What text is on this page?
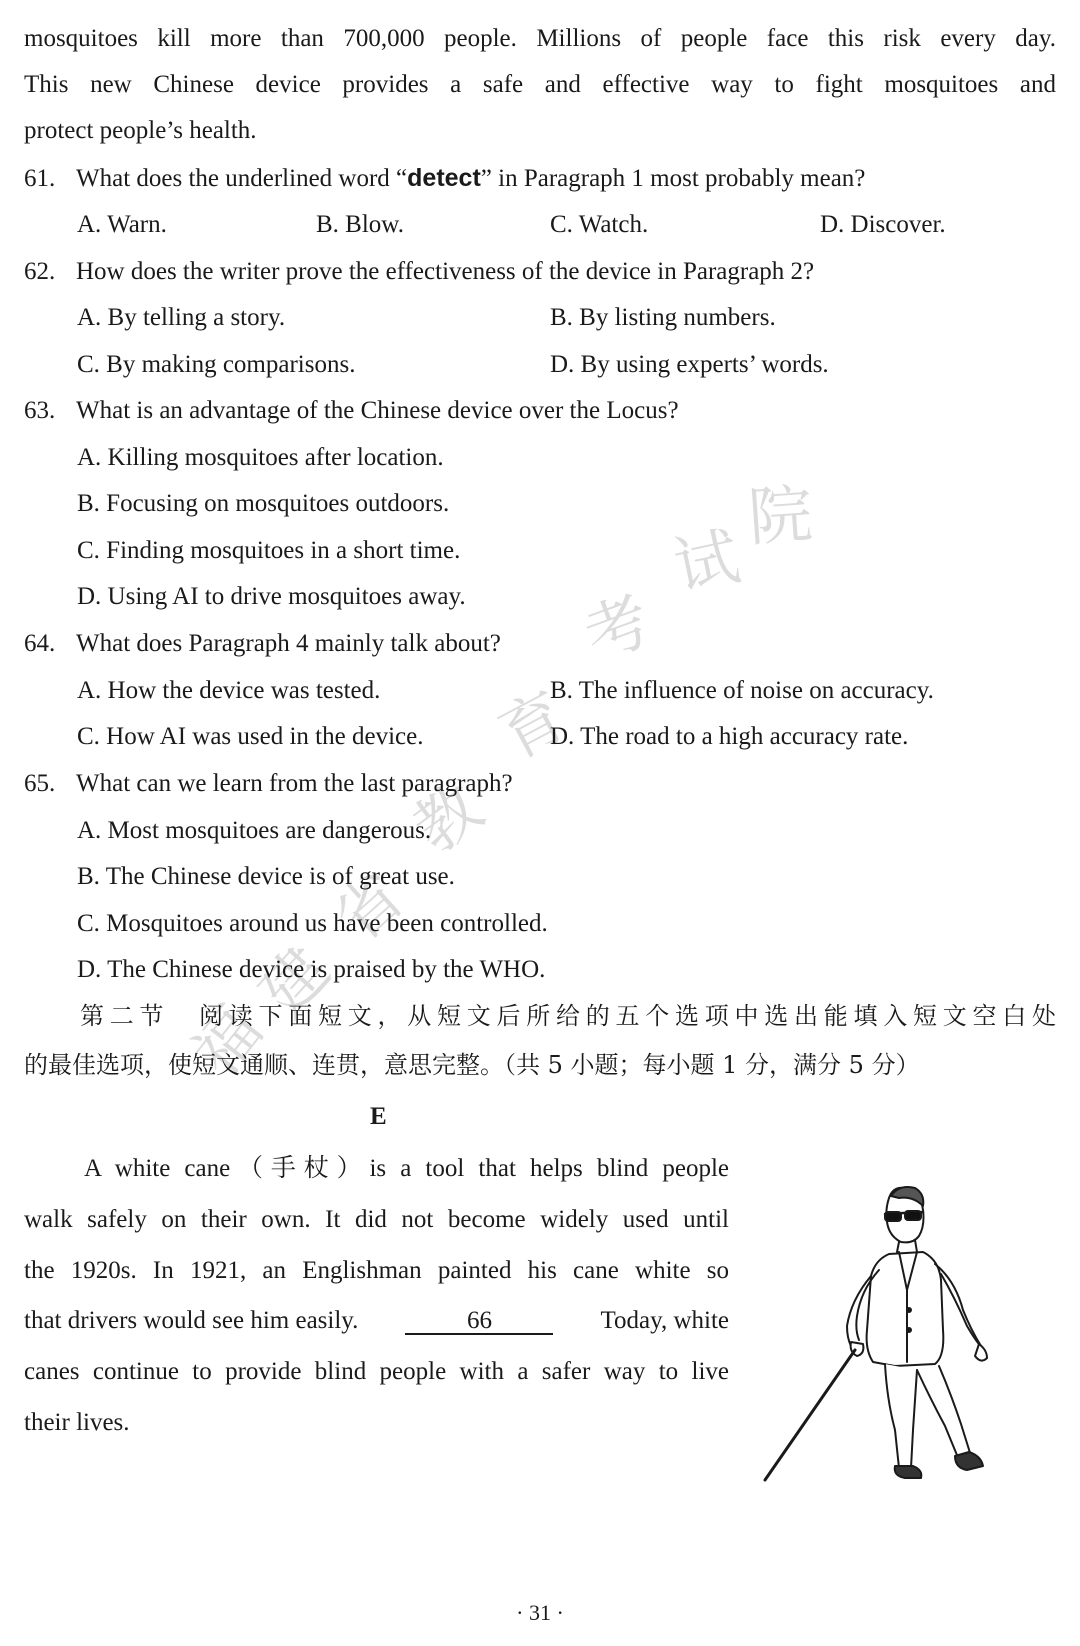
福
建
省
教
育
考
试
院
mosquitoes kill more than 700,000 people. Millions of people face this risk every day.
This new Chinese device provides a safe and effective way to fight mosquitoes and
protect people’s health.
61. What does the underlined word “detect” in Paragraph 1 most probably mean?
A. Warn.	B. Blow.	C. Watch.	D. Discover.
62. How does the writer prove the effectiveness of the device in Paragraph 2?
A. By telling a story.	B. By listing numbers.
C. By making comparisons.	D. By using experts’ words.
63. What is an advantage of the Chinese device over the Locus?
A. Killing mosquitoes after location.
B. Focusing on mosquitoes outdoors.
C. Finding mosquitoes in a short time.
D. Using AI to drive mosquitoes away.
64. What does Paragraph 4 mainly talk about?
A. How the device was tested.	B. The influence of noise on accuracy.
C. How AI was used in the device.	D. The road to a high accuracy rate.
65. What can we learn from the last paragraph?
A. Most mosquitoes are dangerous.
B. The Chinese device is of great use.
C. Mosquitoes around us have been controlled.
D. The Chinese device is praised by the WHO.
第二节　阅读下面短文，从短文后所给的五个选项中选出能填入短文空白处
的最佳选项，使短文通顺、连贯，意思完整。（共 5 小题；每小题 1 分，满分 5 分）
E
A white cane（手杖）is a tool that helps blind people
walk safely on their own. It did not become widely used until
the 1920s. In 1921, an Englishman painted his cane white so
that drivers would see him easily.	66	Today, white
canes continue to provide blind people with a safer way to live
their lives.
· 31 ·
